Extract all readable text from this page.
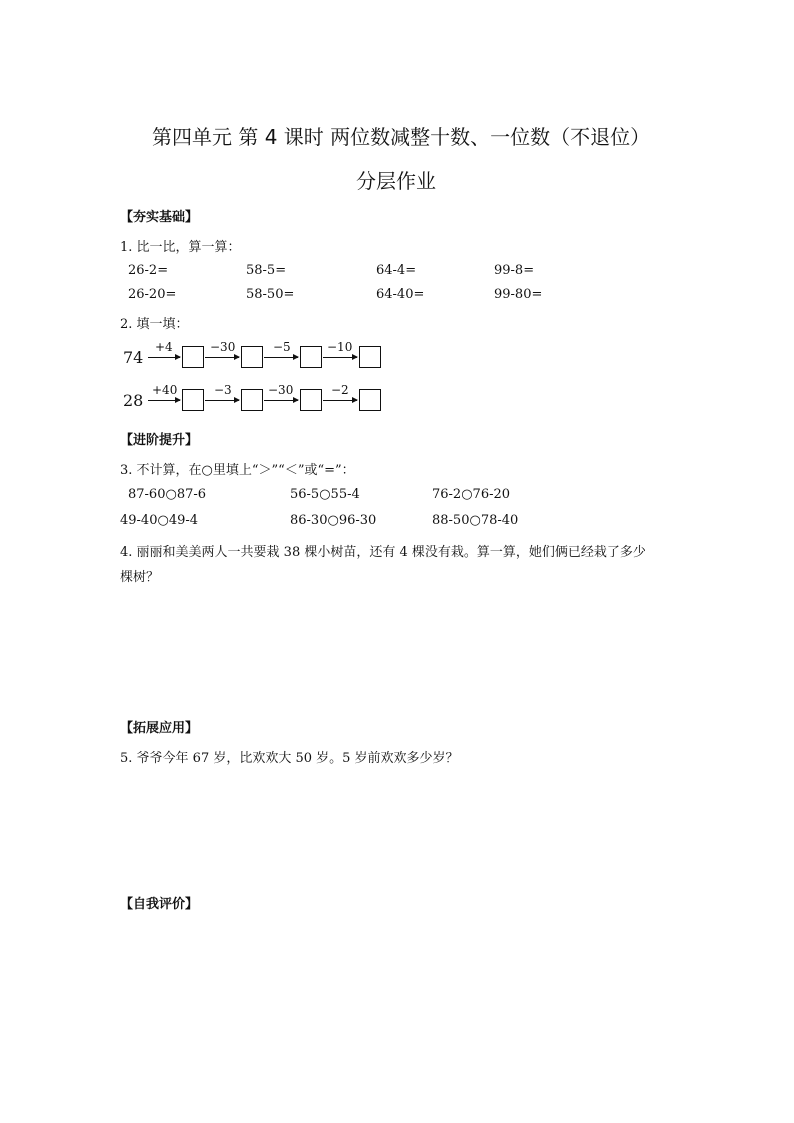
第四单元 第 4 课时 两位数减整十数、一位数（不退位）
分层作业
【夯实基础】
1. 比一比，算一算：
26-2=	58-5=	64-4=	99-8=
26-20=	58-50=	64-40=	99-80=
2. 填一填：
74
+4	−30	−5	−10
28
+40	−3	−30	−2
【进阶提升】
3. 不计算，在○里填上“＞”“＜”或“=”：
87-60○87-6	56-5○55-4	76-2○76-20
49-40○49-4	86-30○96-30	88-50○78-40
4. 丽丽和美美两人一共要栽 38 棵小树苗，还有 4 棵没有栽。算一算，她们俩已经栽了多少
棵树？
【拓展应用】
5. 爷爷今年 67 岁，比欢欢大 50 岁。5 岁前欢欢多少岁？
【自我评价】
